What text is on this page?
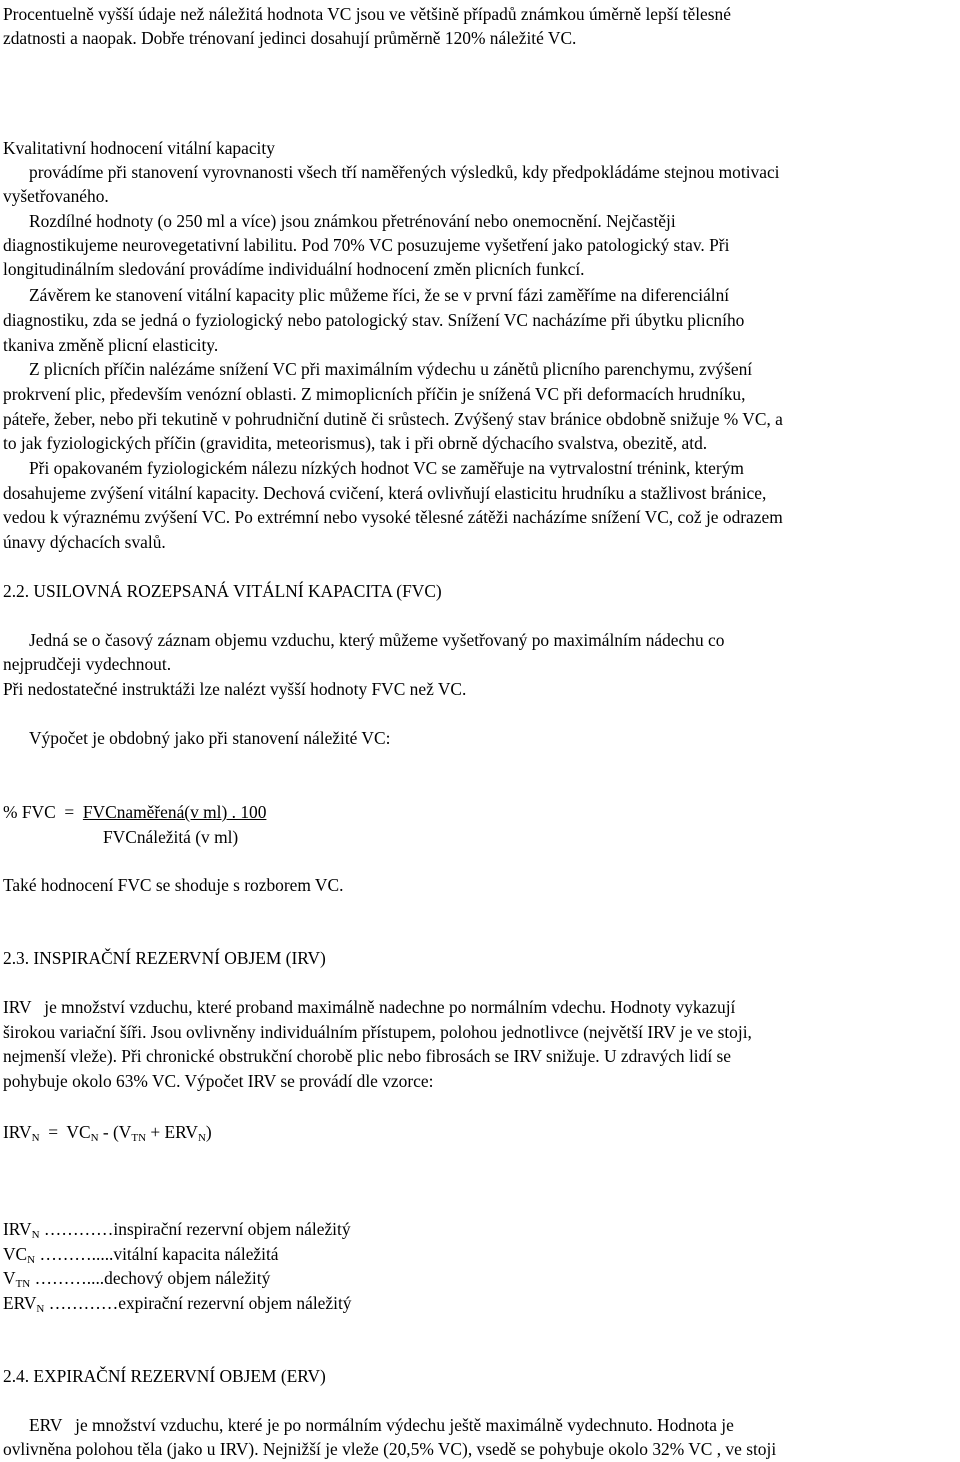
Procentuelně vyšší údaje než náležitá hodnota VC jsou ve většině případů známkou úměrně lepší tělesné
zdatnosti a naopak. Dobře trénovaní jedinci dosahují průměrně 120% náležité VC.
Kvalitativní hodnocení vitální kapacity
provádíme při stanovení vyrovnanosti všech tří naměřených výsledků, kdy předpokládáme stejnou motivaci
vyšetřovaného.
Rozdílné hodnoty (o 250 ml a více) jsou známkou přetrénování nebo onemocnění. Nejčastěji
diagnostikujeme neurovegetativní labilitu. Pod 70% VC posuzujeme vyšetření jako patologický stav. Při
longitudinálním sledování provádíme individuální hodnocení změn plicních funkcí.
Závěrem ke stanovení vitální kapacity plic můžeme říci, že se v první fázi zaměříme na diferenciální
diagnostiku, zda se jedná o fyziologický nebo patologický stav. Snížení VC nacházíme při úbytku plicního
tkaniva změně plicní elasticity.
Z plicních příčin nalézáme snížení VC při maximálním výdechu u zánětů plicního parenchymu, zvýšení
prokrvení plic, především venózní oblasti. Z mimoplicních příčin je snížená VC při deformacích hrudníku,
páteře, žeber, nebo při tekutině v pohrudniční dutině či srůstech. Zvýšený stav bránice obdobně snižuje % VC, a
to jak fyziologických příčin (gravidita, meteorismus), tak i při obrně dýchacího svalstva, obezitě, atd.
Při opakovaném fyziologickém nálezu nízkých hodnot VC se zaměřuje na vytrvalostní trénink, kterým
dosahujeme zvýšení vitální kapacity. Dechová cvičení, která ovlivňují elasticitu hrudníku a stažlivost bránice,
vedou k výraznému zvýšení VC. Po extrémní nebo vysoké tělesné zátěži nacházíme snížení VC, což je odrazem
únavy dýchacích svalů.
2.2. USILOVNÁ ROZEPSANÁ VITÁLNÍ KAPACITA (FVC)
Jedná se o časový záznam objemu vzduchu, který můžeme vyšetřovaný po maximálním nádechu co
nejprudčeji vydechnout.
Při nedostatečné instruktáži lze nalézt vyšší hodnoty FVC než VC.
Výpočet je obdobný jako při stanovení náležité VC:
% FVC  =  FVCnaměřená(v ml) . 100
FVCnáležitá (v ml)
Také hodnocení FVC se shoduje s rozborem VC.
2.3. INSPIRAČNÍ REZERVNÍ OBJEM (IRV)
IRV   je množství vzduchu, které proband maximálně nadechne po normálním vdechu. Hodnoty vykazují
širokou variační šíři. Jsou ovlivněny individuálním přístupem, polohou jednotlivce (největší IRV je ve stoji,
nejmenší vleže). Při chronické obstrukční chorobě plic nebo fibrosách se IRV snižuje. U zdravých lidí se
pohybuje okolo 63% VC. Výpočet IRV se provádí dle vzorce:
$IRV_N = VC_N - (V_{TN} + ERV_N)$
$IRV_N$ …………inspirační rezervní objem náležitý
$VC_N$ ……….....vitální kapacita náležitá
$V_{TN}$ ………....dechový objem náležitý
$ERV_N$ …………expirační rezervní objem náležitý
2.4. EXPIRAČNÍ REZERVNÍ OBJEM (ERV)
ERV   je množství vzduchu, které je po normálním výdechu ještě maximálně vydechnuto. Hodnota je
ovlivněna polohou těla (jako u IRV). Nejnižší je vleže (20,5% VC), vsedě se pohybuje okolo 32% VC , ve stoji
